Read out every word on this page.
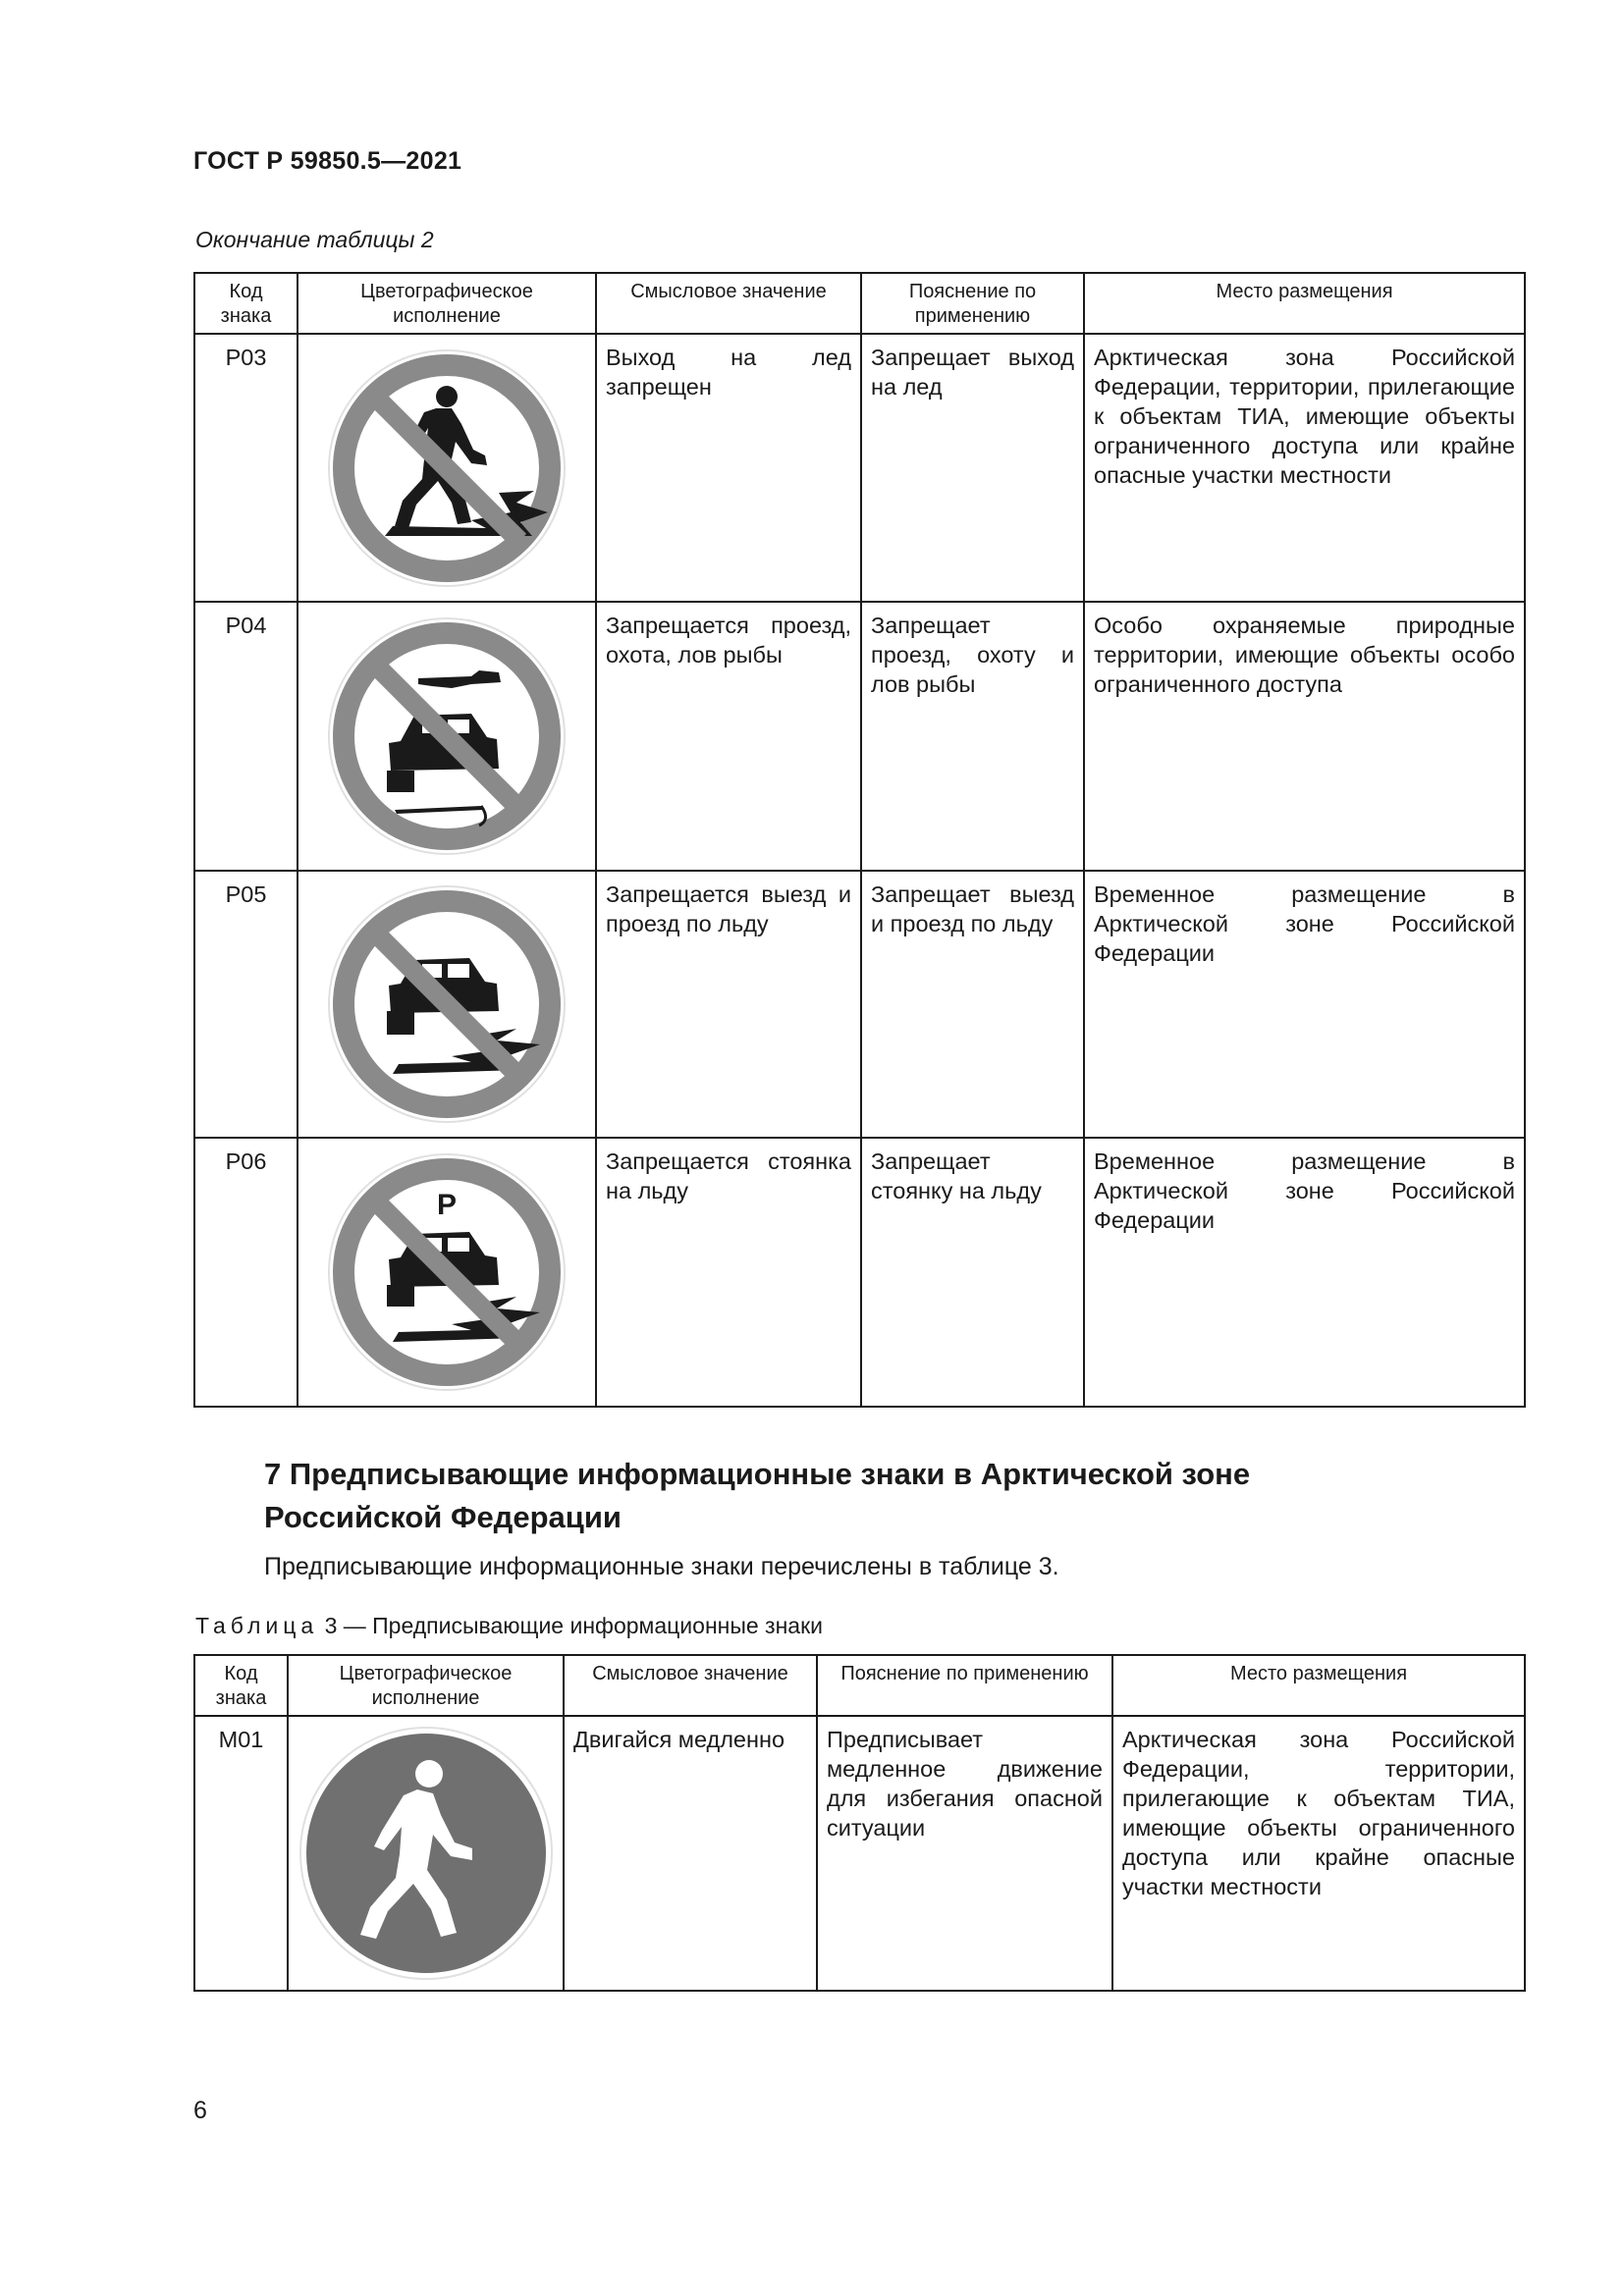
ГОСТ Р 59850.5—2021
Окончание таблицы 2
Код знака	Цветографическое исполнение	Смысловое значение	Пояснение по применению	Место размещения
P03		Выход на лед запрещен	Запрещает выход на лед	Арктическая зона Российской Федерации, территории, прилегающие к объектам ТИА, имеющие объекты ограниченного доступа или крайне опасные участки местности
P04		Запрещается проезд, охота, лов рыбы	Запрещает проезд, охоту и лов рыбы	Особо охраняемые природные территории, имеющие объекты особо ограниченного доступа
P05		Запрещается выезд и проезд по льду	Запрещает выезд и проезд по льду	Временное размещение в Арктической зоне Российской Федерации
P06	P	Запрещается стоянка на льду	Запрещает стоянку на льду	Временное размещение в Арктической зоне Российской Федерации
7 Предписывающие информационные знаки в Арктической зоне
Российской Федерации
Предписывающие информационные знаки перечислены в таблице 3.
Таблица 3 — Предписывающие информационные знаки
Код знака	Цветографическое исполнение	Смысловое значение	Пояснение по применению	Место размещения
M01		Двигайся медленно	Предписывает медленное движение для избегания опасной ситуации	Арктическая зона Российской Федерации, территории, прилегающие к объектам ТИА, имеющие объекты ограниченного доступа или крайне опасные участки местности
6
